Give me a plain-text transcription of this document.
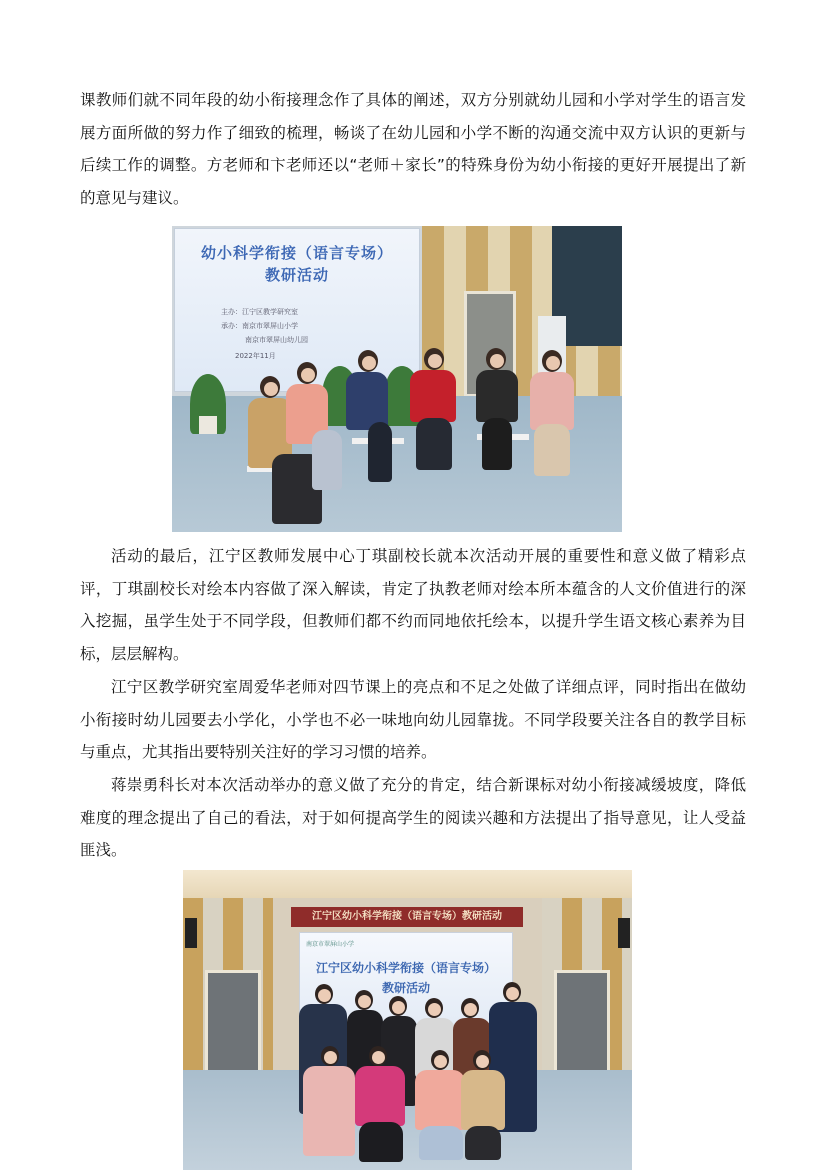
课教师们就不同年段的幼小衔接理念作了具体的阐述，双方分别就幼儿园和小学对学生的语言发展方面所做的努力作了细致的梳理，畅谈了在幼儿园和小学不断的沟通交流中双方认识的更新与后续工作的调整。方老师和卞老师还以“老师＋家长”的特殊身份为幼小衔接的更好开展提出了新的意见与建议。

幼小科学衔接（语言专场）
教研活动
主办：江宁区教学研究室
承办：南京市翠屏山小学
南京市翠屏山幼儿园
2022年11月

活动的最后，江宁区教师发展中心丁琪副校长就本次活动开展的重要性和意义做了精彩点评，丁琪副校长对绘本内容做了深入解读，肯定了执教老师对绘本所本蕴含的人文价值进行的深入挖掘，虽学生处于不同学段，但教师们都不约而同地依托绘本，以提升学生语文核心素养为目标，层层解构。

江宁区教学研究室周爱华老师对四节课上的亮点和不足之处做了详细点评，同时指出在做幼小衔接时幼儿园要去小学化，小学也不必一味地向幼儿园靠拢。不同学段要关注各自的教学目标与重点，尤其指出要特别关注好的学习习惯的培养。

蒋崇勇科长对本次活动举办的意义做了充分的肯定，结合新课标对幼小衔接减缓坡度，降低难度的理念提出了自己的看法，对于如何提高学生的阅读兴趣和方法提出了指导意见，让人受益匪浅。

江宁区幼小科学衔接（语言专场）教研活动
南京市翠屏山小学
江宁区幼小科学衔接（语言专场）
教研活动
